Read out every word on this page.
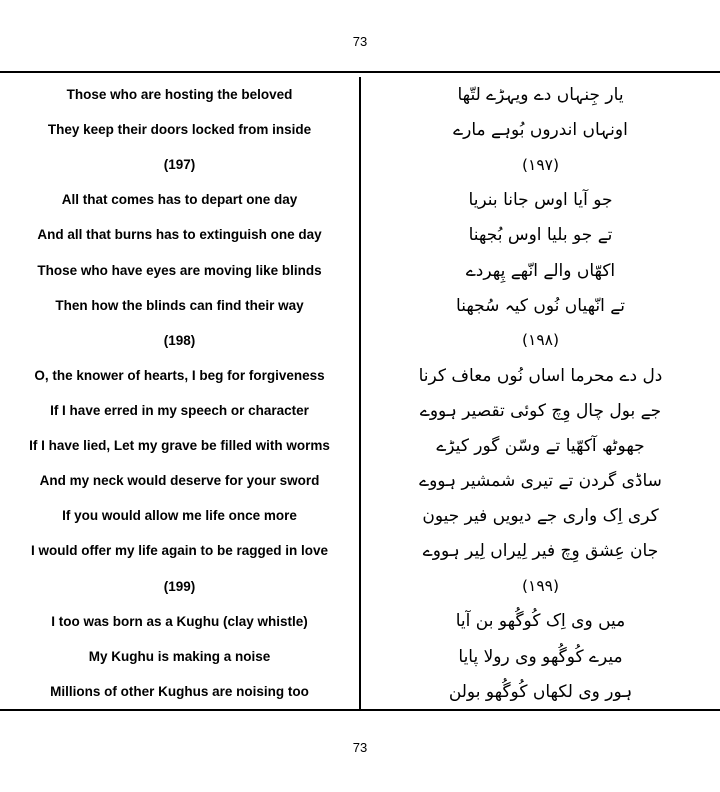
73
Those who are hosting the beloved	یار جِنہاں دے ویہڑے لتّھا
They keep their doors locked from inside	اونہاں اندروں بُوہے مارے
(197)	(۱۹۷)
All that comes has to depart one day	جو آیا اوس جانا بنریا
And all that burns has to extinguish one day	تے جو بلیا اوس بُجھنا
Those who have eyes are moving like blinds	اکھّاں والے انّھے پِھردے
Then how the blinds can find their way	تے انّھیاں نُوں کیہ سُجھنا
(198)	(۱۹۸)
O, the knower of hearts, I beg for forgiveness	دل دے محرما اساں نُوں معاف کرنا
If I have erred in my speech or character	جے بول چال وِچ کوئی تقصیر ہووے
If I have lied, Let my grave be filled with worms	جھوٹھ آکھّیا تے وسّن گور کیڑے
And my neck would deserve for your sword	ساڈی گردن تے تیری شمشیر ہووے
If you would allow me life once more	کری اِک واری جے دیویں فیر جیون
I would offer my life again to be ragged in love	جان عِشق وِچ فیر لِیراں لِیر ہووے
(199)	(۱۹۹)
I too was born as a Kughu (clay whistle)	میں وی اِک کُوگُھو بن آیا
My Kughu is making a noise	میرے کُوگُھو وی رولا پایا
Millions of other Kughus are noising too	ہور وی لکھاں کُوگُھو بولن
73
